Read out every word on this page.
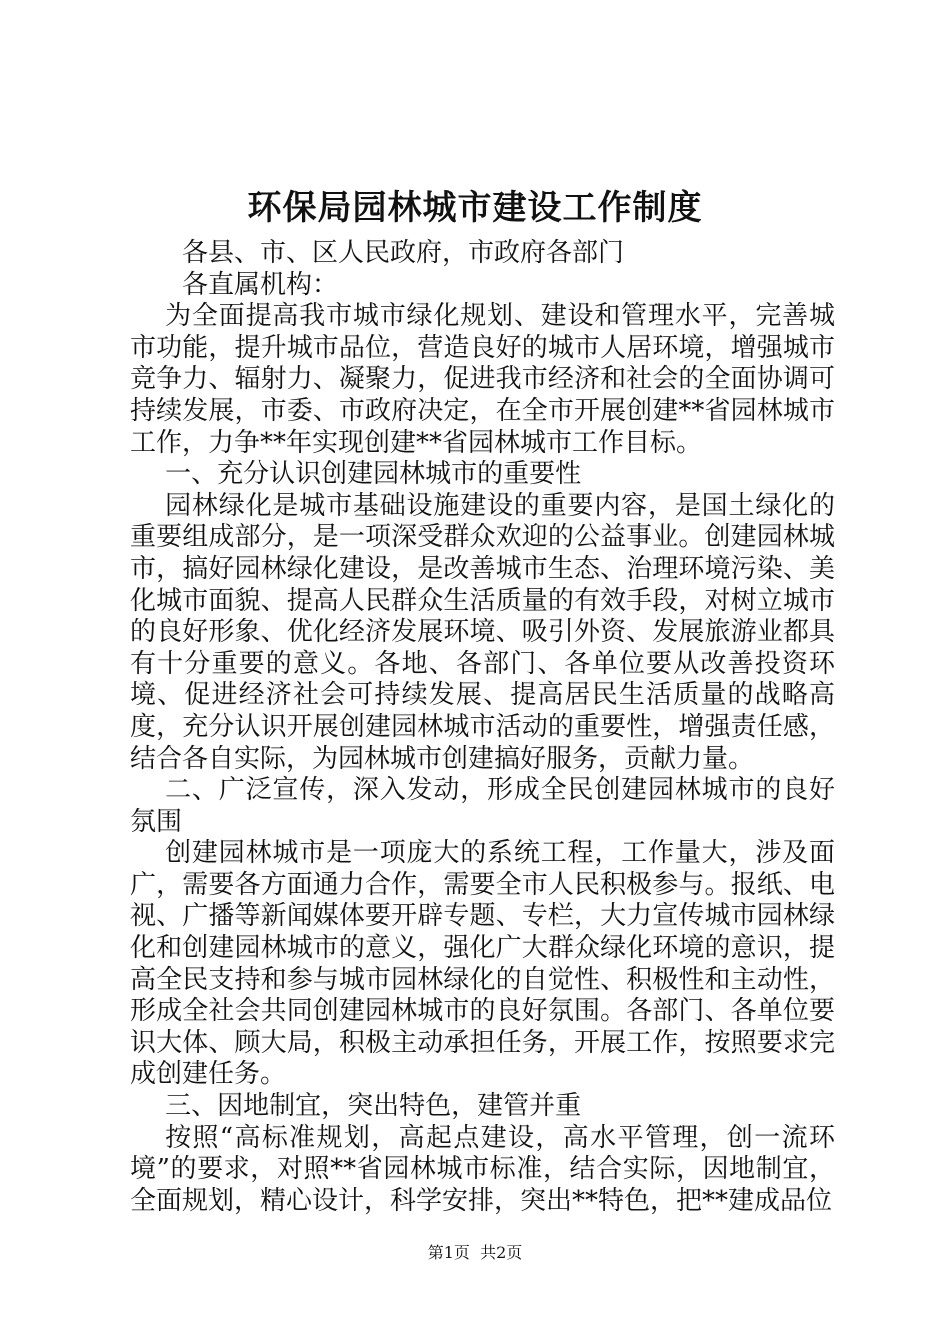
环保局园林城市建设工作制度

各县、市、区人民政府，市政府各部门

各直属机构：

为全面提高我市城市绿化规划、建设和管理水平，完善城市功能，提升城市品位，营造良好的城市人居环境，增强城市竞争力、辐射力、凝聚力，促进我市经济和社会的全面协调可持续发展，市委、市政府决定，在全市开展创建**省园林城市工作，力争**年实现创建**省园林城市工作目标。

一、充分认识创建园林城市的重要性

园林绿化是城市基础设施建设的重要内容，是国土绿化的重要组成部分，是一项深受群众欢迎的公益事业。创建园林城市，搞好园林绿化建设，是改善城市生态、治理环境污染、美化城市面貌、提高人民群众生活质量的有效手段，对树立城市的良好形象、优化经济发展环境、吸引外资、发展旅游业都具有十分重要的意义。各地、各部门、各单位要从改善投资环境、促进经济社会可持续发展、提高居民生活质量的战略高度，充分认识开展创建园林城市活动的重要性，增强责任感，结合各自实际，为园林城市创建搞好服务，贡献力量。

二、广泛宣传，深入发动，形成全民创建园林城市的良好氛围

创建园林城市是一项庞大的系统工程，工作量大，涉及面广，需要各方面通力合作，需要全市人民积极参与。报纸、电视、广播等新闻媒体要开辟专题、专栏，大力宣传城市园林绿化和创建园林城市的意义，强化广大群众绿化环境的意识，提高全民支持和参与城市园林绿化的自觉性、积极性和主动性，形成全社会共同创建园林城市的良好氛围。各部门、各单位要识大体、顾大局，积极主动承担任务，开展工作，按照要求完成创建任务。

三、因地制宜，突出特色，建管并重

按照“高标准规划，高起点建设，高水平管理，创一流环境”的要求，对照**省园林城市标准，结合实际，因地制宜，全面规划，精心设计，科学安排，突出**特色，把**建成品位

第1页  共2页
